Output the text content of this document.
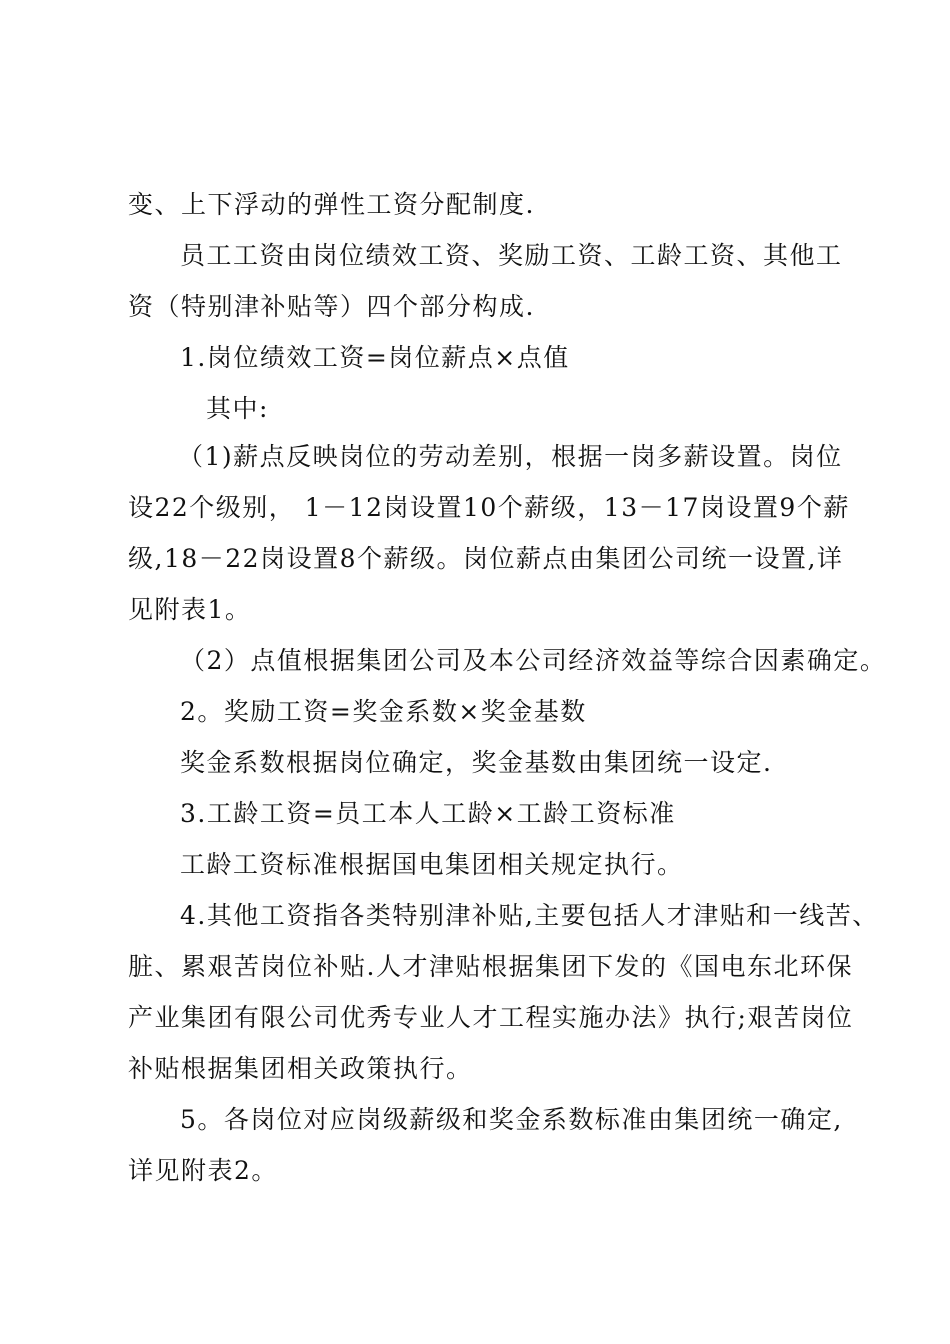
变、上下浮动的弹性工资分配制度.
员工工资由岗位绩效工资、奖励工资、工龄工资、其他工
资（特别津补贴等）四个部分构成.
1.岗位绩效工资=岗位薪点×点值
其中:
（1)薪点反映岗位的劳动差别，根据一岗多薪设置。岗位
设22个级别， 1－12岗设置10个薪级，13－17岗设置9个薪
级,18－22岗设置8个薪级。岗位薪点由集团公司统一设置,详
见附表1。
（2）点值根据集团公司及本公司经济效益等综合因素确定。
2。奖励工资=奖金系数×奖金基数
奖金系数根据岗位确定，奖金基数由集团统一设定.
3.工龄工资=员工本人工龄×工龄工资标准
工龄工资标准根据国电集团相关规定执行。
4.其他工资指各类特别津补贴,主要包括人才津贴和一线苦、
脏、累艰苦岗位补贴.人才津贴根据集团下发的《国电东北环保
产业集团有限公司优秀专业人才工程实施办法》执行;艰苦岗位
补贴根据集团相关政策执行。
5。各岗位对应岗级薪级和奖金系数标准由集团统一确定,
详见附表2。
